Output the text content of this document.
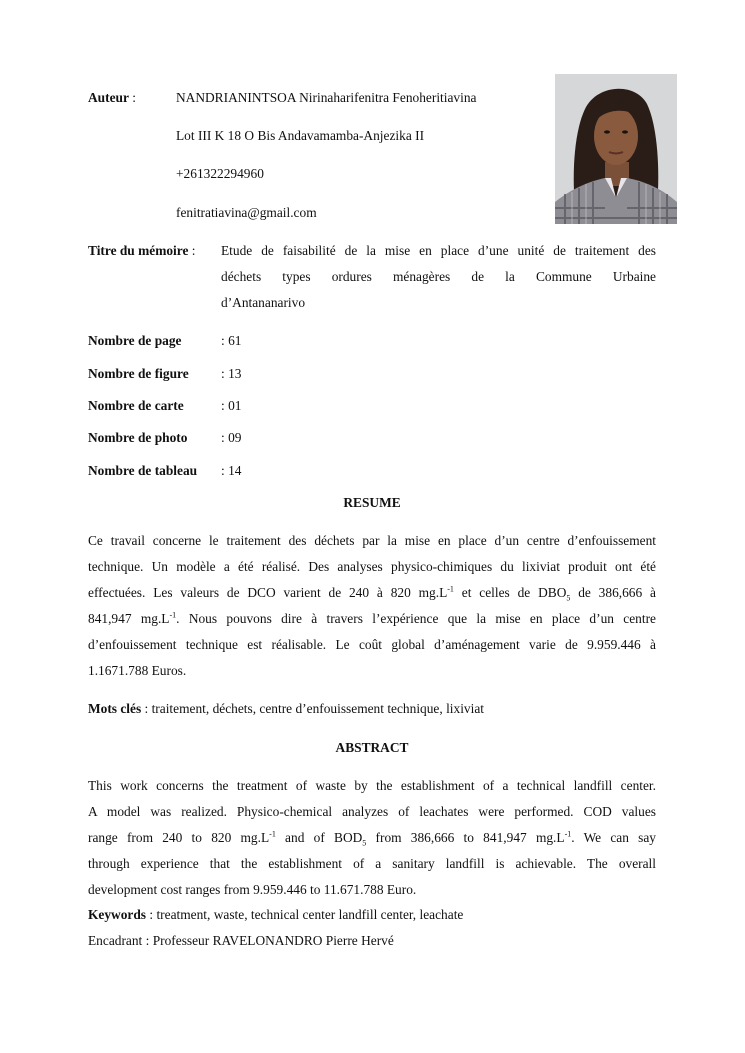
Auteur :	NANDRIANINTSOA Nirinaharifenitra Fenoheritiavina
Lot III K 18 O Bis Andavamamba-Anjezika II
+261322294960
fenitratiavina@gmail.com
Titre du mémoire : Etude de faisabilité de la mise en place d’une unité de traitement des
déchets types ordures ménagères de la Commune Urbaine
d’Antananarivo
Nombre de page	: 61
Nombre de figure : 13
Nombre de carte	: 01
Nombre de photo	: 09
Nombre de tableau : 14
RESUME
Ce travail concerne le traitement des déchets par la mise en place d’un centre d’enfouissement
technique. Un modèle a été réalisé. Des analyses physico-chimiques du lixiviat produit ont été
effectuées. Les valeurs de DCO varient de 240 à 820 $mg.L^{-1}$ et celles de $DBO_5$ de 386,666 à
841,947 $mg.L^{-1}$. Nous pouvons dire à travers l’expérience que la mise en place d’un centre
d’enfouissement technique est réalisable. Le coût global d’aménagement varie de 9.959.446 à
1.1671.788 Euros.
Mots clés : traitement, déchets, centre d’enfouissement technique, lixiviat
ABSTRACT
This work concerns the treatment of waste by the establishment of a technical landfill center.
A model was realized. Physico-chemical analyzes of leachates were performed. COD values
range from 240 to 820 $mg.L^{-1}$ and of $BOD_5$ from 386,666 to 841,947 $mg.L^{-1}$. We can say
through experience that the establishment of a sanitary landfill is achievable. The overall
development cost ranges from 9.959.446 to 11.671.788 Euro.
Keywords : treatment, waste, technical center landfill center, leachate
Encadrant : Professeur RAVELONANDRO Pierre Hervé
